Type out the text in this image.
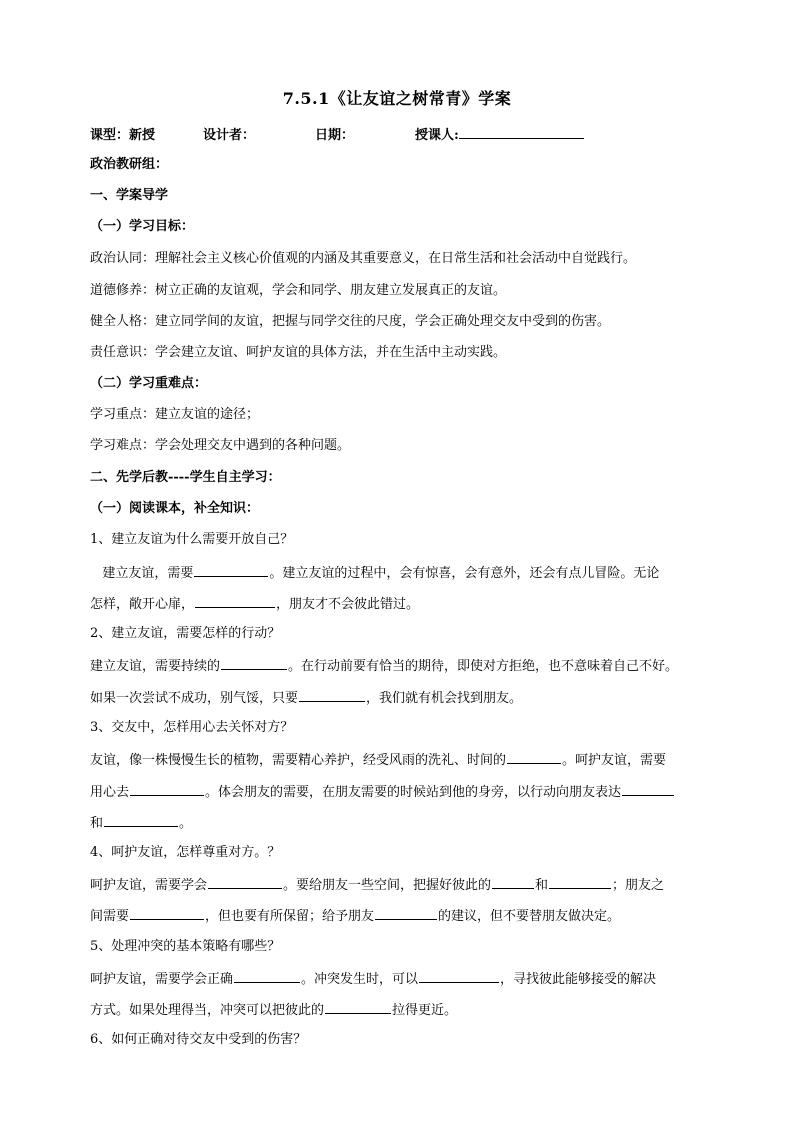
7.5.1《让友谊之树常青》学案
课型：新授	设计者：	日期：	授课人:
政治教研组：
一、学案导学
（一）学习目标：
政治认同：理解社会主义核心价值观的内涵及其重要意义，在日常生活和社会活动中自觉践行。
道德修养：树立正确的友谊观，学会和同学、朋友建立发展真正的友谊。
健全人格：建立同学间的友谊，把握与同学交往的尺度，学会正确处理交友中受到的伤害。
责任意识：学会建立友谊、呵护友谊的具体方法，并在生活中主动实践。
（二）学习重难点：
学习重点：建立友谊的途径；
学习难点：学会处理交友中遇到的各种问题。
二、先学后教----学生自主学习：
（一）阅读课本，补全知识：
1、建立友谊为什么需要开放自己？
建立友谊，需要	。建立友谊的过程中，会有惊喜，会有意外，还会有点儿冒险。无论
怎样，敞开心扉，	，朋友才不会彼此错过。
2、建立友谊，需要怎样的行动？
建立友谊，需要持续的	。在行动前要有恰当的期待，即使对方拒绝，也不意味着自己不好。
如果一次尝试不成功，别气馁，只要	，我们就有机会找到朋友。
3、交友中，怎样用心去关怀对方？
友谊，像一株慢慢生长的植物，需要精心养护，经受风雨的洗礼、时间的	。呵护友谊，需要
用心去	。体会朋友的需要，在朋友需要的时候站到他的身旁，以行动向朋友表达
和	。
4、呵护友谊，怎样尊重对方。？
呵护友谊，需要学会	。要给朋友一些空间，把握好彼此的	和	；朋友之
间需要	，但也要有所保留；给予朋友	的建议，但不要替朋友做决定。
5、处理冲突的基本策略有哪些？
呵护友谊，需要学会正确	。冲突发生时，可以	，寻找彼此能够接受的解决
方式。如果处理得当，冲突可以把彼此的	拉得更近。
6、如何正确对待交友中受到的伤害？
